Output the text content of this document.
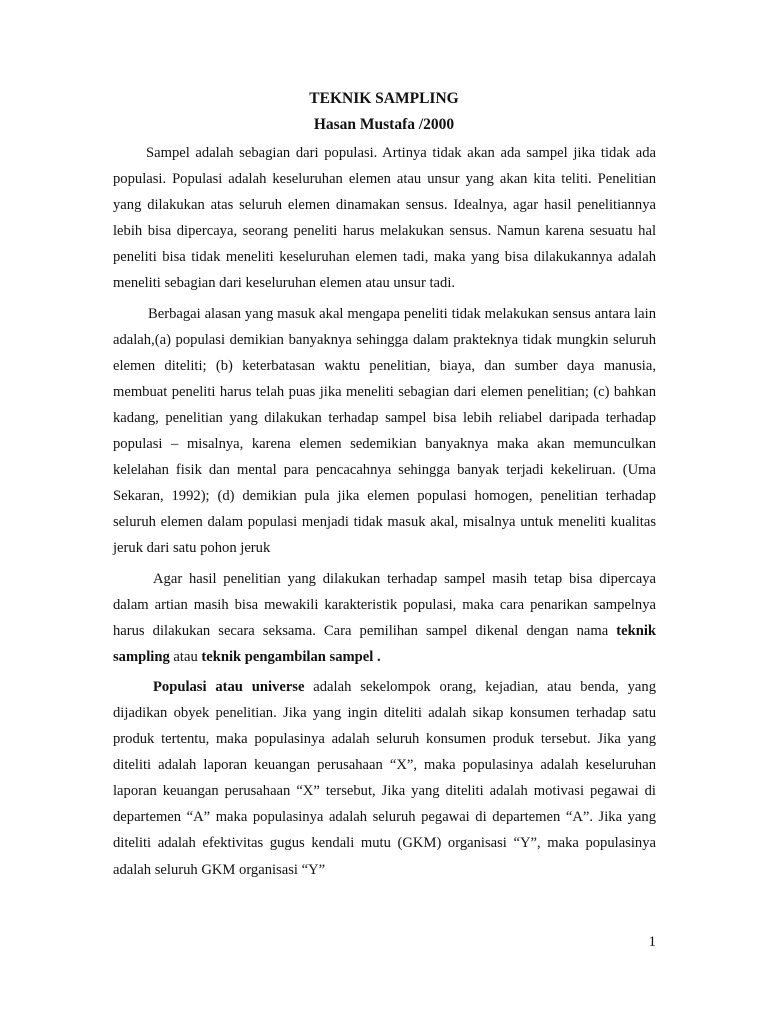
TEKNIK SAMPLING
Hasan Mustafa /2000

Sampel adalah sebagian dari populasi. Artinya tidak akan ada sampel jika tidak ada populasi. Populasi adalah keseluruhan elemen atau unsur yang akan kita teliti. Penelitian yang dilakukan atas seluruh elemen dinamakan sensus. Idealnya, agar hasil penelitiannya lebih bisa dipercaya, seorang peneliti harus melakukan sensus. Namun karena sesuatu hal peneliti bisa tidak meneliti keseluruhan elemen tadi, maka yang bisa dilakukannya adalah meneliti sebagian dari keseluruhan elemen atau unsur tadi.

Berbagai alasan yang masuk akal mengapa peneliti tidak melakukan sensus antara lain adalah,(a) populasi demikian banyaknya sehingga dalam prakteknya tidak mungkin seluruh elemen diteliti; (b) keterbatasan waktu penelitian, biaya, dan sumber daya manusia, membuat peneliti harus telah puas jika meneliti sebagian dari elemen penelitian; (c) bahkan kadang, penelitian yang dilakukan terhadap sampel bisa lebih reliabel daripada terhadap populasi – misalnya, karena elemen sedemikian banyaknya maka akan memunculkan kelelahan fisik dan mental para pencacahnya sehingga banyak terjadi kekeliruan. (Uma Sekaran, 1992); (d) demikian pula jika elemen populasi homogen, penelitian terhadap seluruh elemen dalam populasi menjadi tidak masuk akal, misalnya untuk meneliti kualitas jeruk dari satu pohon jeruk

Agar hasil penelitian yang dilakukan terhadap sampel masih tetap bisa dipercaya dalam artian masih bisa mewakili karakteristik populasi, maka cara penarikan sampelnya harus dilakukan secara seksama. Cara pemilihan sampel dikenal dengan nama teknik sampling atau teknik pengambilan sampel .

Populasi atau universe adalah sekelompok orang, kejadian, atau benda, yang dijadikan obyek penelitian. Jika yang ingin diteliti adalah sikap konsumen terhadap satu produk tertentu, maka populasinya adalah seluruh konsumen produk tersebut. Jika yang diteliti adalah laporan keuangan perusahaan “X”, maka populasinya adalah keseluruhan laporan keuangan perusahaan “X” tersebut, Jika yang diteliti adalah motivasi pegawai di departemen “A” maka populasinya adalah seluruh pegawai di departemen “A”. Jika yang diteliti adalah efektivitas gugus kendali mutu (GKM) organisasi “Y”, maka populasinya adalah seluruh GKM organisasi “Y”

1
